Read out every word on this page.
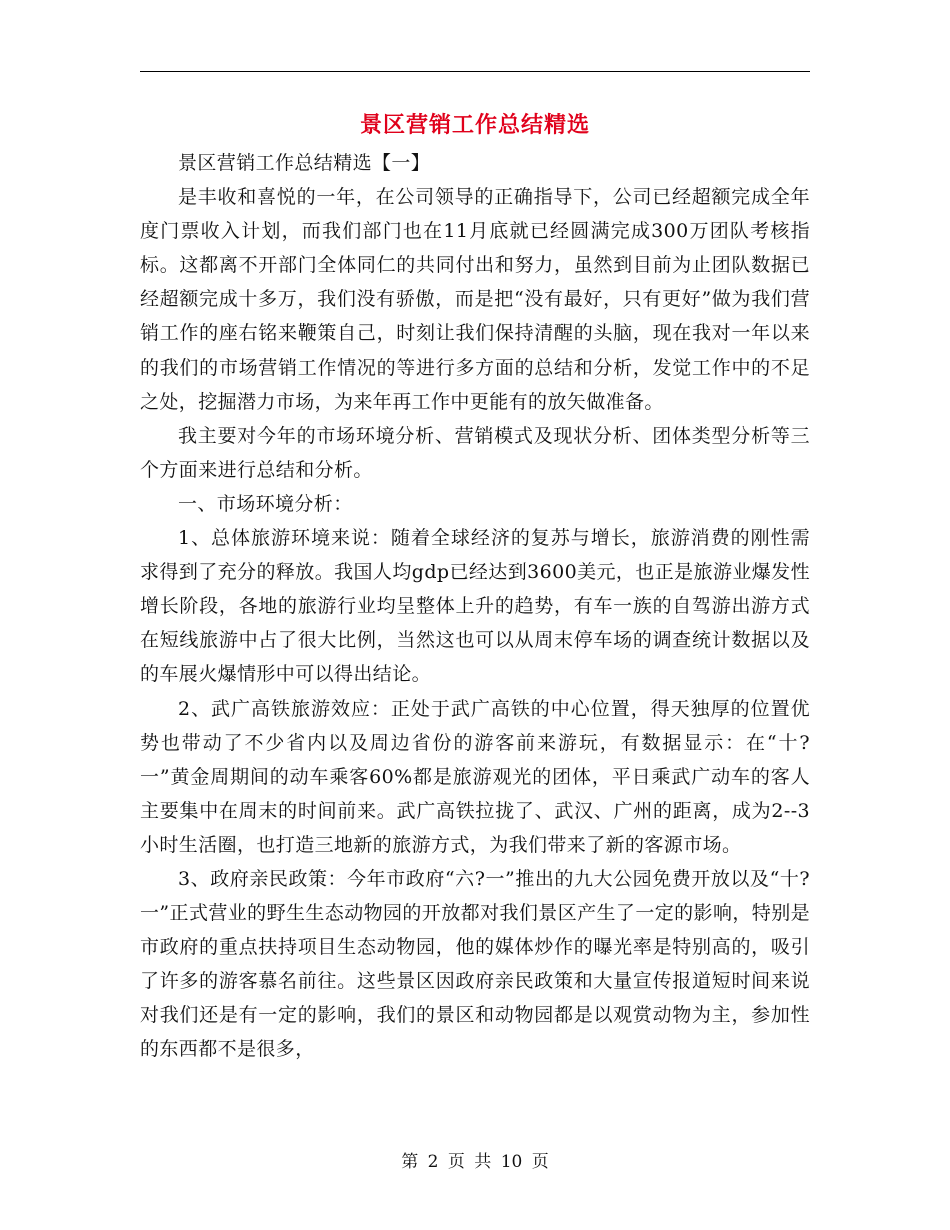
景区营销工作总结精选

景区营销工作总结精选【一】

是丰收和喜悦的一年，在公司领导的正确指导下，公司已经超额完成全年度门票收入计划，而我们部门也在11月底就已经圆满完成300万团队考核指标。这都离不开部门全体同仁的共同付出和努力，虽然到目前为止团队数据已经超额完成十多万，我们没有骄傲，而是把“没有最好，只有更好”做为我们营销工作的座右铭来鞭策自己，时刻让我们保持清醒的头脑，现在我对一年以来的我们的市场营销工作情况的等进行多方面的总结和分析，发觉工作中的不足之处，挖掘潜力市场，为来年再工作中更能有的放矢做准备。

我主要对今年的市场环境分析、营销模式及现状分析、团体类型分析等三个方面来进行总结和分析。

一、市场环境分析：

1、总体旅游环境来说：随着全球经济的复苏与增长，旅游消费的刚性需求得到了充分的释放。我国人均gdp已经达到3600美元，也正是旅游业爆发性增长阶段，各地的旅游行业均呈整体上升的趋势，有车一族的自驾游出游方式在短线旅游中占了很大比例，当然这也可以从周末停车场的调查统计数据以及的车展火爆情形中可以得出结论。

2、武广高铁旅游效应：正处于武广高铁的中心位置，得天独厚的位置优势也带动了不少省内以及周边省份的游客前来游玩，有数据显示：在“十?一”黄金周期间的动车乘客60%都是旅游观光的团体，平日乘武广动车的客人主要集中在周末的时间前来。武广高铁拉拢了、武汉、广州的距离，成为2--3小时生活圈，也打造三地新的旅游方式，为我们带来了新的客源市场。

3、政府亲民政策：今年市政府“六?一”推出的九大公园免费开放以及“十?一”正式营业的野生生态动物园的开放都对我们景区产生了一定的影响，特别是市政府的重点扶持项目生态动物园，他的媒体炒作的曝光率是特别高的，吸引了许多的游客慕名前往。这些景区因政府亲民政策和大量宣传报道短时间来说对我们还是有一定的影响，我们的景区和动物园都是以观赏动物为主，参加性的东西都不是很多，

第 2 页 共 10 页
